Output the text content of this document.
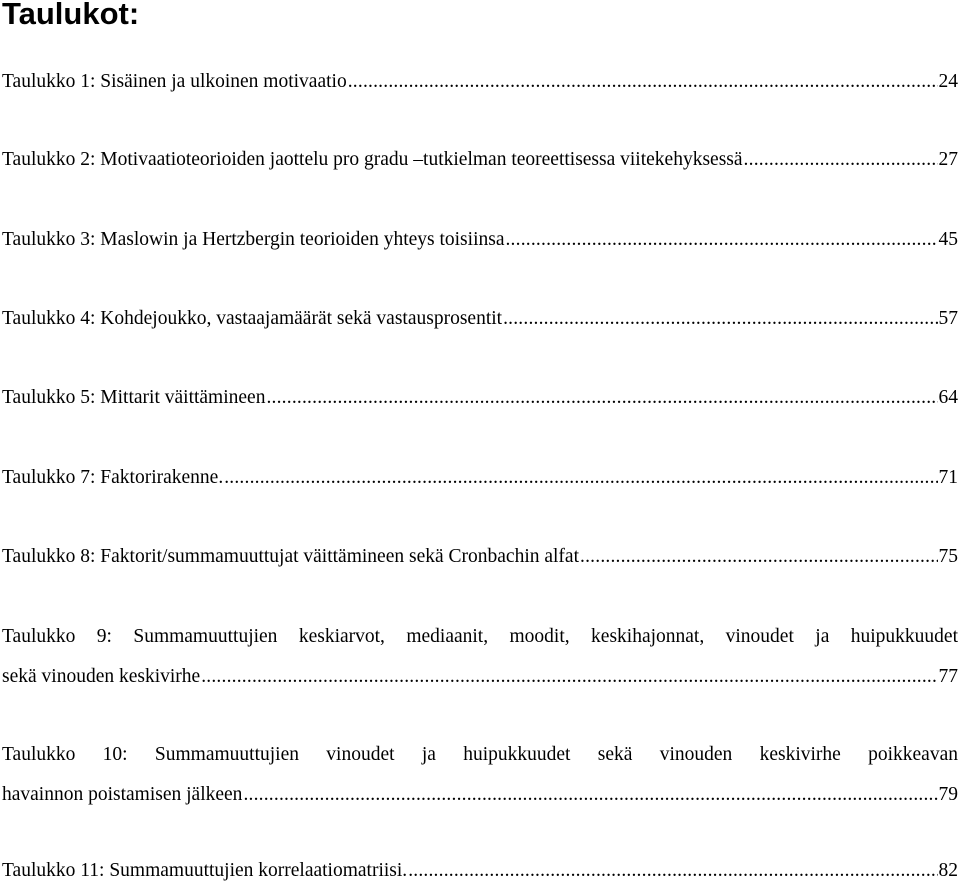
Taulukot:
Taulukko 1: Sisäinen ja ulkoinen motivaatio .....	24
Taulukko 2: Motivaatioteorioiden jaottelu pro gradu –tutkielman teoreettisessa viitekehyksessä .....	27
Taulukko 3: Maslowin ja Hertzbergin teorioiden yhteys toisiinsa .....	45
Taulukko 4: Kohdejoukko, vastaajamäärät sekä vastausprosentit .....	57
Taulukko 5: Mittarit väittämineen .....	64
Taulukko 7: Faktorirakenne. .....	71
Taulukko 8: Faktorit/summamuuttujat väittämineen sekä Cronbachin alfat .....	75
Taulukko 9: Summamuuttujien keskiarvot, mediaanit, moodit, keskihajonnat, vinoudet ja huipukkuudet
sekä vinouden keskivirhe .....	77
Taulukko 10: Summamuuttujien vinoudet ja huipukkuudet sekä vinouden keskivirhe poikkeavan
havainnon poistamisen jälkeen .....	79
Taulukko 11: Summamuuttujien korrelaatiomatriisi. .....	82
